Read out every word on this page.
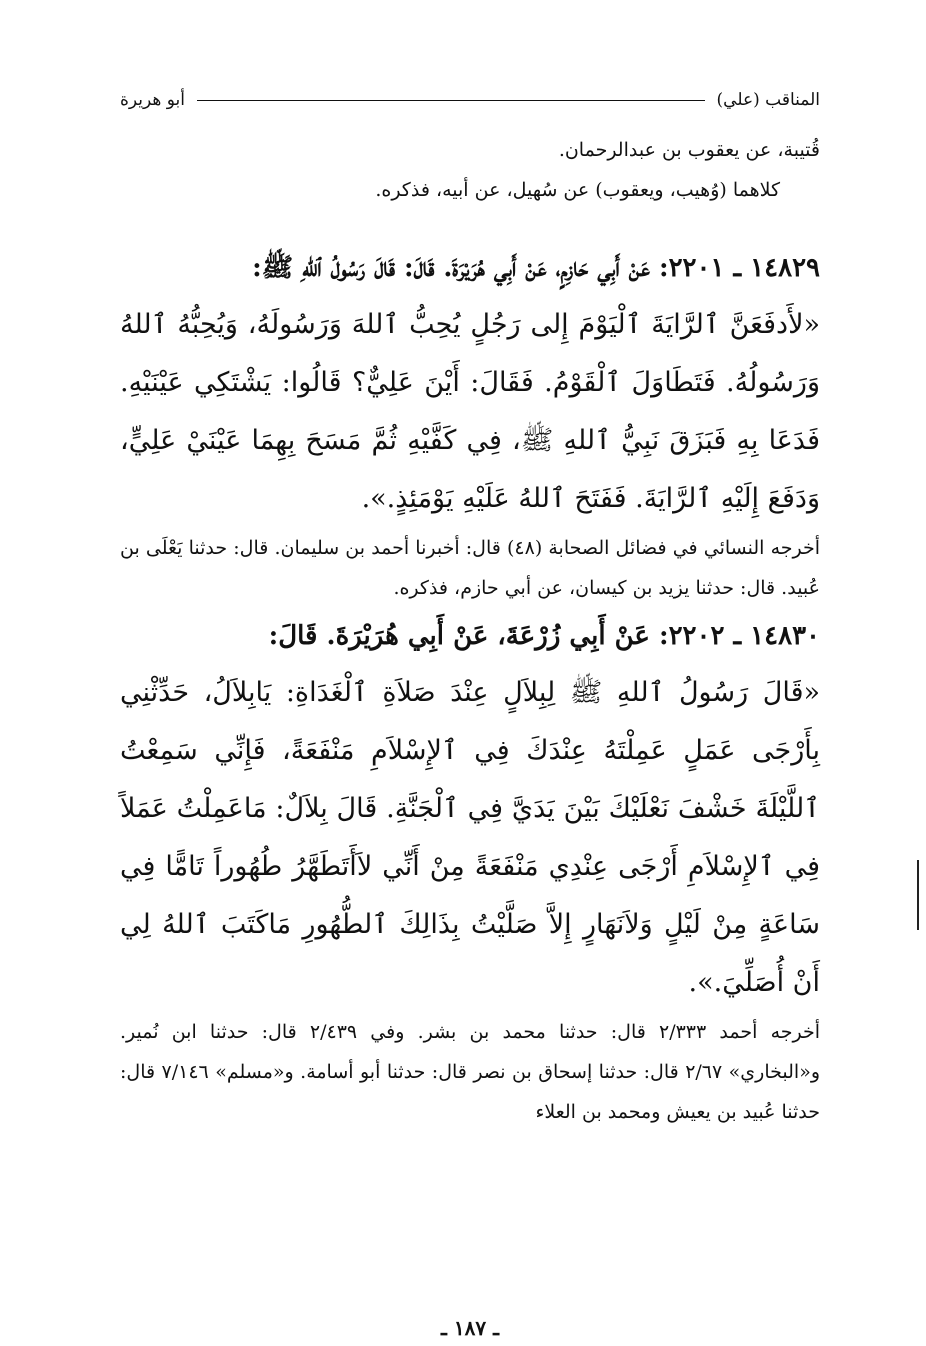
المناقب (علي)
أبو هريرة

قُتيبة، عن يعقوب بن عبدالرحمان.

كلاهما (وُهيب، ويعقوب) عن سُهيل، عن أبيه، فذكره.

١٤٨٢٩ ـ ٢٢٠١: عَنْ أَبِي حَازِمٍ، عَنْ أَبِي هُرَيْرَةَ. قَالَ: قَالَ رَسُولُ ٱللهِ ﷺ:

«لأَدفَعَنَّ ٱلرَّايَةَ ٱلْيَوْمَ إِلى رَجُلٍ يُحِبُّ ٱللهَ وَرَسُولَهُ، وَيُحِبُّهُ ٱللهُ وَرَسُولُهُ. فَتَطَاوَلَ ٱلْقَوْمُ. فَقَالَ: أَيْنَ عَلِيٌّ؟ قَالُوا: يَشْتَكِي عَيْنَيْهِ. فَدَعَا بِهِ فَبَزَقَ نَبِيُّ ٱللهِ ﷺ، فِي كَفَّيْهِ ثُمَّ مَسَحَ بِهِمَا عَيْنَيْ عَلِيٍّ، وَدَفَعَ إِلَيْهِ ٱلرَّايَةَ. فَفَتَحَ ٱللهُ عَلَيْهِ يَوْمَئِذٍ.».

أخرجه النسائي في فضائل الصحابة (٤٨) قال: أخبرنا أحمد بن سليمان. قال: حدثنا يَعْلَى بن عُبيد. قال: حدثنا يزيد بن كيسان، عن أبي حازم، فذكره.

١٤٨٣٠ ـ ٢٢٠٢: عَنْ أَبِي زُرْعَةَ، عَنْ أَبِي هُرَيْرَةَ. قَالَ:

«قَالَ رَسُولُ ٱللهِ ﷺ لِبِلاَلٍ عِنْدَ صَلاَةِ ٱلْغَدَاةِ: يَابِلاَلُ، حَدِّثْنِي بِأَرْجَى عَمَلٍ عَمِلْتَهُ عِنْدَكَ فِي ٱلإِسْلاَمِ مَنْفَعَةً، فَإِنِّي سَمِعْتُ ٱللَّيْلَةَ خَشْفَ نَعْلَيْكَ بَيْنَ يَدَيَّ فِي ٱلْجَنَّةِ. قَالَ بِلاَلٌ: مَاعَمِلْتُ عَمَلاً فِي ٱلإِسْلاَمِ أَرْجَى عِنْدِي مَنْفَعَةً مِنْ أَنِّي لاَأَتَطَهَّرُ طُهُوراً تَامًّا فِي سَاعَةٍ مِنْ لَيْلٍ وَلاَنَهَارٍ إِلاَّ صَلَّيْتُ بِذَالِكَ ٱلطُّهُورِ مَاكَتَبَ ٱللهُ لِي أَنْ أُصَلِّيَ.».

أخرجه أحمد ٢/٣٣٣ قال: حدثنا محمد بن بشر. وفي ٢/٤٣٩ قال: حدثنا ابن نُمير. و«البخاري» ٢/٦٧ قال: حدثنا إسحاق بن نصر قال: حدثنا أبو أسامة. و«مسلم» ٧/١٤٦ قال: حدثنا عُبيد بن يعيش ومحمد بن العلاء

ـ ١٨٧ ـ
